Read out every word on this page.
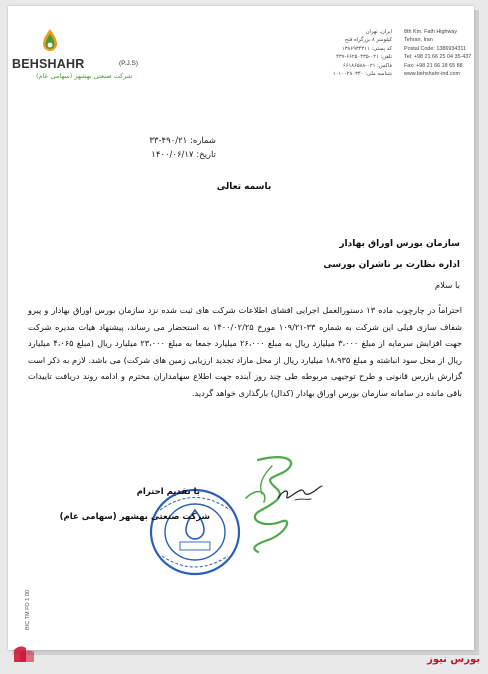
BEHSHAHR	(P.J.S)
شرکت صنعتی بهشهر (سهامی عام)
ایران، تهران
کیلومتر ۸ بزرگراه فتح
کد پستی: ۱۳۸۶۹۳۴۳۱۱
تلفن: ۰۲۱-۶۶۲۵۰۴۳۵-۴۳۷
فاکس: ۰۲۱-۶۶۱۸۶۵۸۸
شناسه ملی: ۱۰۱۰۰۲۸۰۳۴۰
8th Km. Fath Highway
Tehran, Iran
Postal Code: 1386934311
Tel: +98 21 66 25 04 35-437
Fax: +98 21 66 18 65 88
www.behshahr-ind.com
شماره: ۴۹۰/۲۱-۳۳
تاریخ: ۱۴۰۰/۰۶/۱۷
باسمه تعالی
سازمان بورس اوراق بهادار
اداره نظارت بر ناشران بورسی
با سلام
احتراماً در چارچوب ماده ۱۳ دستورالعمل اجرایی افشای اطلاعات شرکت های ثبت شده نزد سازمان بورس اوراق بهادار و پیرو شفاف سازی قبلی این شرکت به شماره ۳۳-۱۰۹/۲۱ مورخ ۱۴۰۰/۰۲/۲۵ به استحضار می رساند، پیشنهاد هیات مدیره شرکت جهت افزایش سرمایه از مبلغ ۳،۰۰۰ میلیارد ریال به مبلغ ۲۶،۰۰۰ میلیارد جمعا به مبلغ ۲۳،۰۰۰ میلیارد ریال (مبلغ ۴،۰۶۵ میلیارد ریال از محل سود انباشته و مبلغ ۱۸،۹۳۵ میلیارد ریال از محل مازاد تجدید ارزیابی زمین های شرکت) می باشد. لازم به ذکر است گزارش بازرس قانونی و طرح توجیهی مربوطه طی چند روز آینده جهت اطلاع سهامداران محترم و ادامه روند دریافت تاییدات باقی مانده در سامانه سازمان بورس اوراق بهادار (کدال) بارگذاری خواهد گردید.
با تقدیم احترام
شرکت صنعتی بهشهر (سهامی عام)
BIC TM FO 1 00
بورس نیوز
